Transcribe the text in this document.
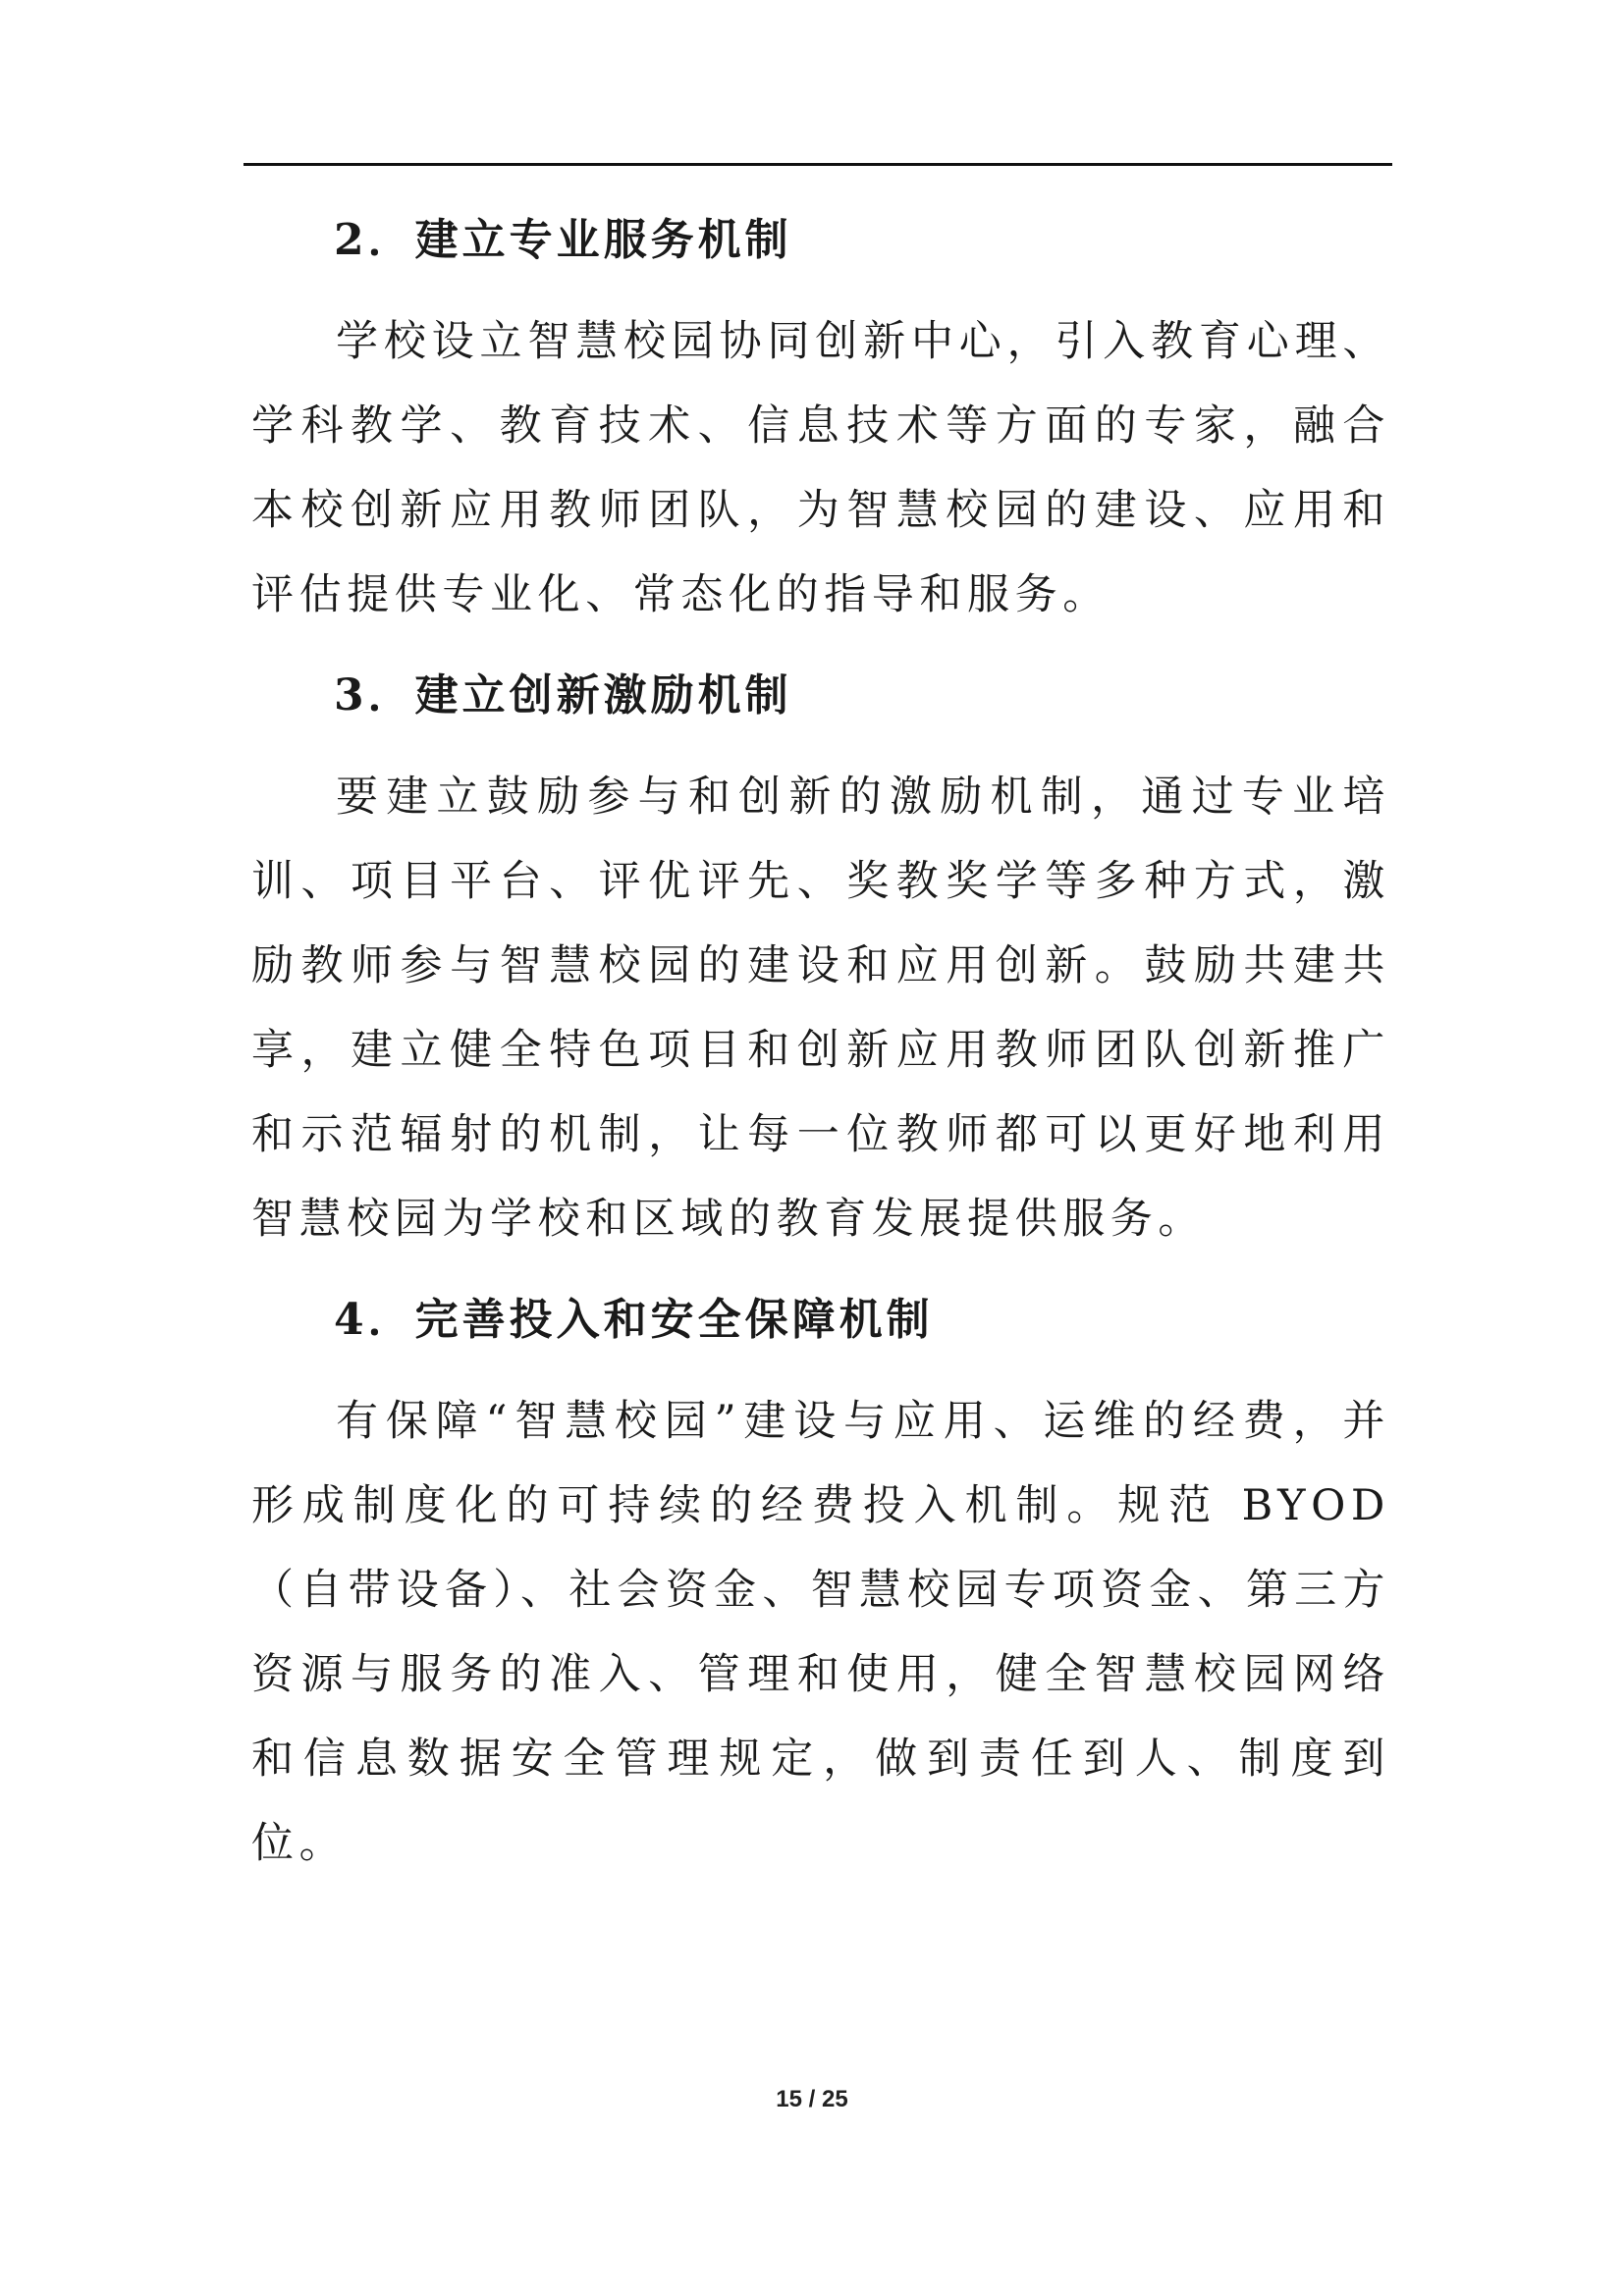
2．建立专业服务机制

学校设立智慧校园协同创新中心，引入教育心理、学科教学、教育技术、信息技术等方面的专家，融合本校创新应用教师团队，为智慧校园的建设、应用和评估提供专业化、常态化的指导和服务。

3．建立创新激励机制

要建立鼓励参与和创新的激励机制，通过专业培训、项目平台、评优评先、奖教奖学等多种方式，激励教师参与智慧校园的建设和应用创新。鼓励共建共享，建立健全特色项目和创新应用教师团队创新推广和示范辐射的机制，让每一位教师都可以更好地利用智慧校园为学校和区域的教育发展提供服务。

4．完善投入和安全保障机制

有保障“智慧校园”建设与应用、运维的经费，并形成制度化的可持续的经费投入机制。规范 BYOD（自带设备）、社会资金、智慧校园专项资金、第三方资源与服务的准入、管理和使用，健全智慧校园网络和信息数据安全管理规定，做到责任到人、制度到位。

15 / 25
